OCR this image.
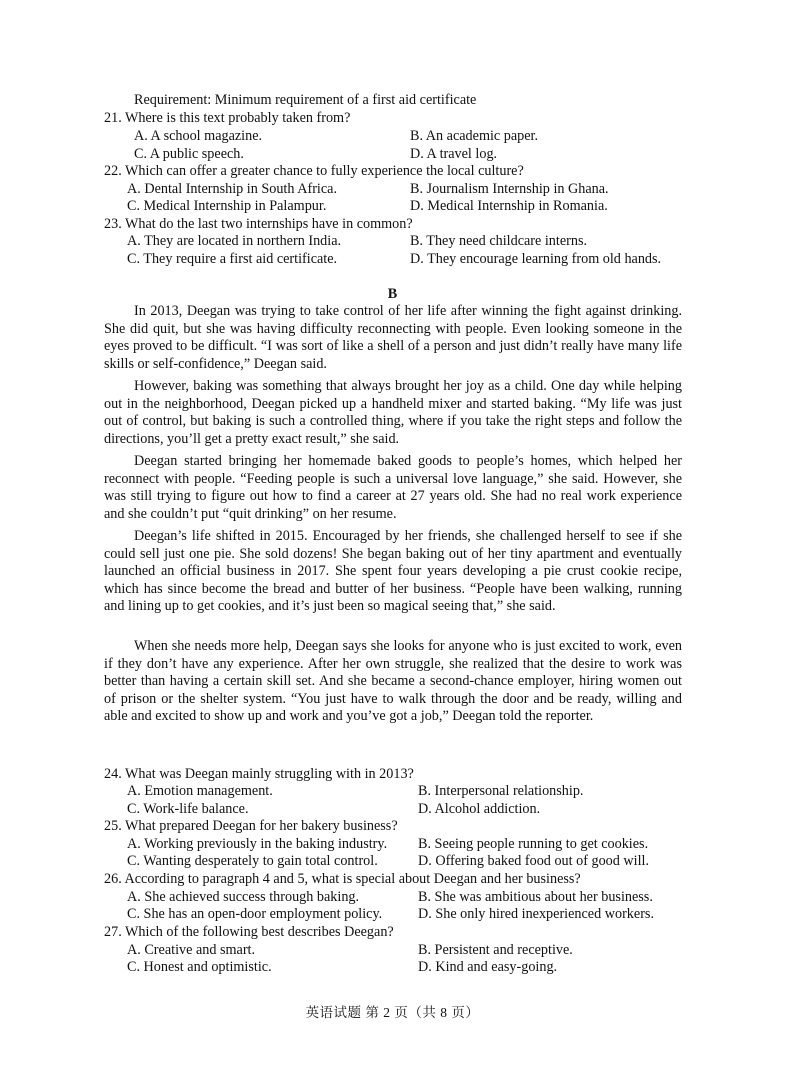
Requirement: Minimum requirement of a first aid certificate
21. Where is this text probably taken from?
A. A school magazine.	B. An academic paper.
C. A public speech.	D. A travel log.
22. Which can offer a greater chance to fully experience the local culture?
A. Dental Internship in South Africa.	B. Journalism Internship in Ghana.
C. Medical Internship in Palampur.	D. Medical Internship in Romania.
23. What do the last two internships have in common?
A. They are located in northern India.	B. They need childcare interns.
C. They require a first aid certificate.	D. They encourage learning from old hands.
B

In 2013, Deegan was trying to take control of her life after winning the fight against drinking. She did quit, but she was having difficulty reconnecting with people. Even looking someone in the eyes proved to be difficult. “I was sort of like a shell of a person and just didn’t really have many life skills or self-confidence,” Deegan said.

However, baking was something that always brought her joy as a child. One day while helping out in the neighborhood, Deegan picked up a handheld mixer and started baking. “My life was just out of control, but baking is such a controlled thing, where if you take the right steps and follow the directions, you’ll get a pretty exact result,” she said.

Deegan started bringing her homemade baked goods to people’s homes, which helped her reconnect with people. “Feeding people is such a universal love language,” she said. However, she was still trying to figure out how to find a career at 27 years old. She had no real work experience and she couldn’t put “quit drinking” on her resume.

Deegan’s life shifted in 2015. Encouraged by her friends, she challenged herself to see if she could sell just one pie. She sold dozens! She began baking out of her tiny apartment and eventually launched an official business in 2017. She spent four years developing a pie crust cookie recipe, which has since become the bread and butter of her business. “People have been walking, running and lining up to get cookies, and it’s just been so magical seeing that,” she said.

When she needs more help, Deegan says she looks for anyone who is just excited to work, even if they don’t have any experience. After her own struggle, she realized that the desire to work was better than having a certain skill set. And she became a second-chance employer, hiring women out of prison or the shelter system. “You just have to walk through the door and be ready, willing and able and excited to show up and work and you’ve got a job,” Deegan told the reporter.

24. What was Deegan mainly struggling with in 2013?
A. Emotion management.	B. Interpersonal relationship.
C. Work-life balance.	D. Alcohol addiction.
25. What prepared Deegan for her bakery business?
A. Working previously in the baking industry. B. Seeing people running to get cookies.
C. Wanting desperately to gain total control.	D. Offering baked food out of good will.
26. According to paragraph 4 and 5, what is special about Deegan and her business?
A. She achieved success through baking.	B. She was ambitious about her business.
C. She has an open-door employment policy.	D. She only hired inexperienced workers.
27. Which of the following best describes Deegan?
A. Creative and smart.	B. Persistent and receptive.
C. Honest and optimistic.	D. Kind and easy-going.
英语试题 第 2 页（共 8 页）
